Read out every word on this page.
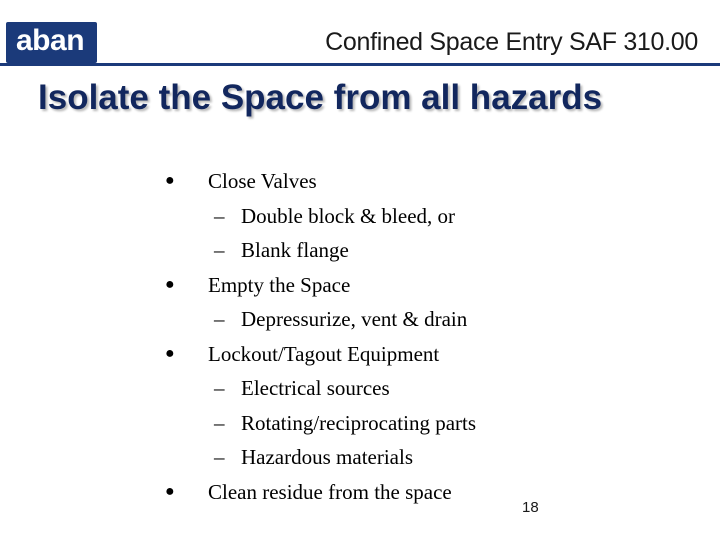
aban	Confined Space Entry SAF 310.00
Isolate the Space from all hazards
● Close Valves
– Double block & bleed, or
– Blank flange
● Empty the Space
– Depressurize, vent & drain
● Lockout/Tagout Equipment
– Electrical sources
– Rotating/reciprocating parts
– Hazardous materials
● Clean residue from the space
18
